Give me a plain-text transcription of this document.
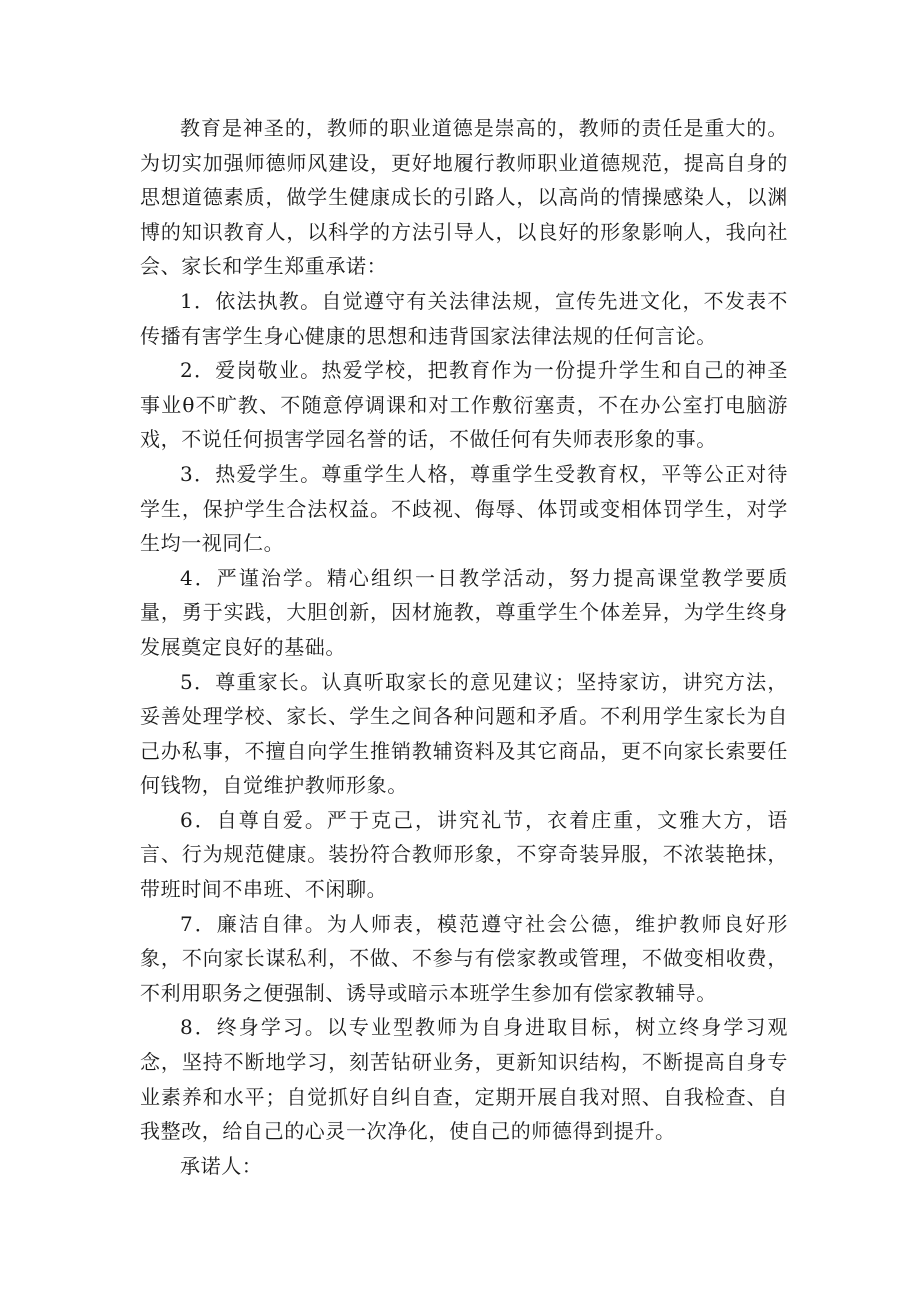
教育是神圣的，教师的职业道德是崇高的，教师的责任是重大的。为切实加强师德师风建设，更好地履行教师职业道德规范，提高自身的思想道德素质，做学生健康成长的引路人，以高尚的情操感染人，以渊博的知识教育人，以科学的方法引导人，以良好的形象影响人，我向社会、家长和学生郑重承诺：

1．依法执教。自觉遵守有关法律法规，宣传先进文化，不发表不传播有害学生身心健康的思想和违背国家法律法规的任何言论。

2．爱岗敬业。热爱学校，把教育作为一份提升学生和自己的神圣事业θ不旷教、不随意停调课和对工作敷衍塞责，不在办公室打电脑游戏，不说任何损害学园名誉的话，不做任何有失师表形象的事。

3．热爱学生。尊重学生人格，尊重学生受教育权，平等公正对待学生，保护学生合法权益。不歧视、侮辱、体罚或变相体罚学生，对学生均一视同仁。

4．严谨治学。精心组织一日教学活动，努力提高课堂教学要质量，勇于实践，大胆创新，因材施教，尊重学生个体差异，为学生终身发展奠定良好的基础。

5．尊重家长。认真听取家长的意见建议；坚持家访，讲究方法，妥善处理学校、家长、学生之间各种问题和矛盾。不利用学生家长为自己办私事，不擅自向学生推销教辅资料及其它商品，更不向家长索要任何钱物，自觉维护教师形象。

6．自尊自爱。严于克己，讲究礼节，衣着庄重，文雅大方，语言、行为规范健康。装扮符合教师形象，不穿奇装异服，不浓装艳抹，带班时间不串班、不闲聊。

7．廉洁自律。为人师表，模范遵守社会公德，维护教师良好形象，不向家长谋私利，不做、不参与有偿家教或管理，不做变相收费，不利用职务之便强制、诱导或暗示本班学生参加有偿家教辅导。

8．终身学习。以专业型教师为自身进取目标，树立终身学习观念，坚持不断地学习，刻苦钻研业务，更新知识结构，不断提高自身专业素养和水平；自觉抓好自纠自查，定期开展自我对照、自我检查、自我整改，给自己的心灵一次净化，使自己的师德得到提升。

承诺人：
